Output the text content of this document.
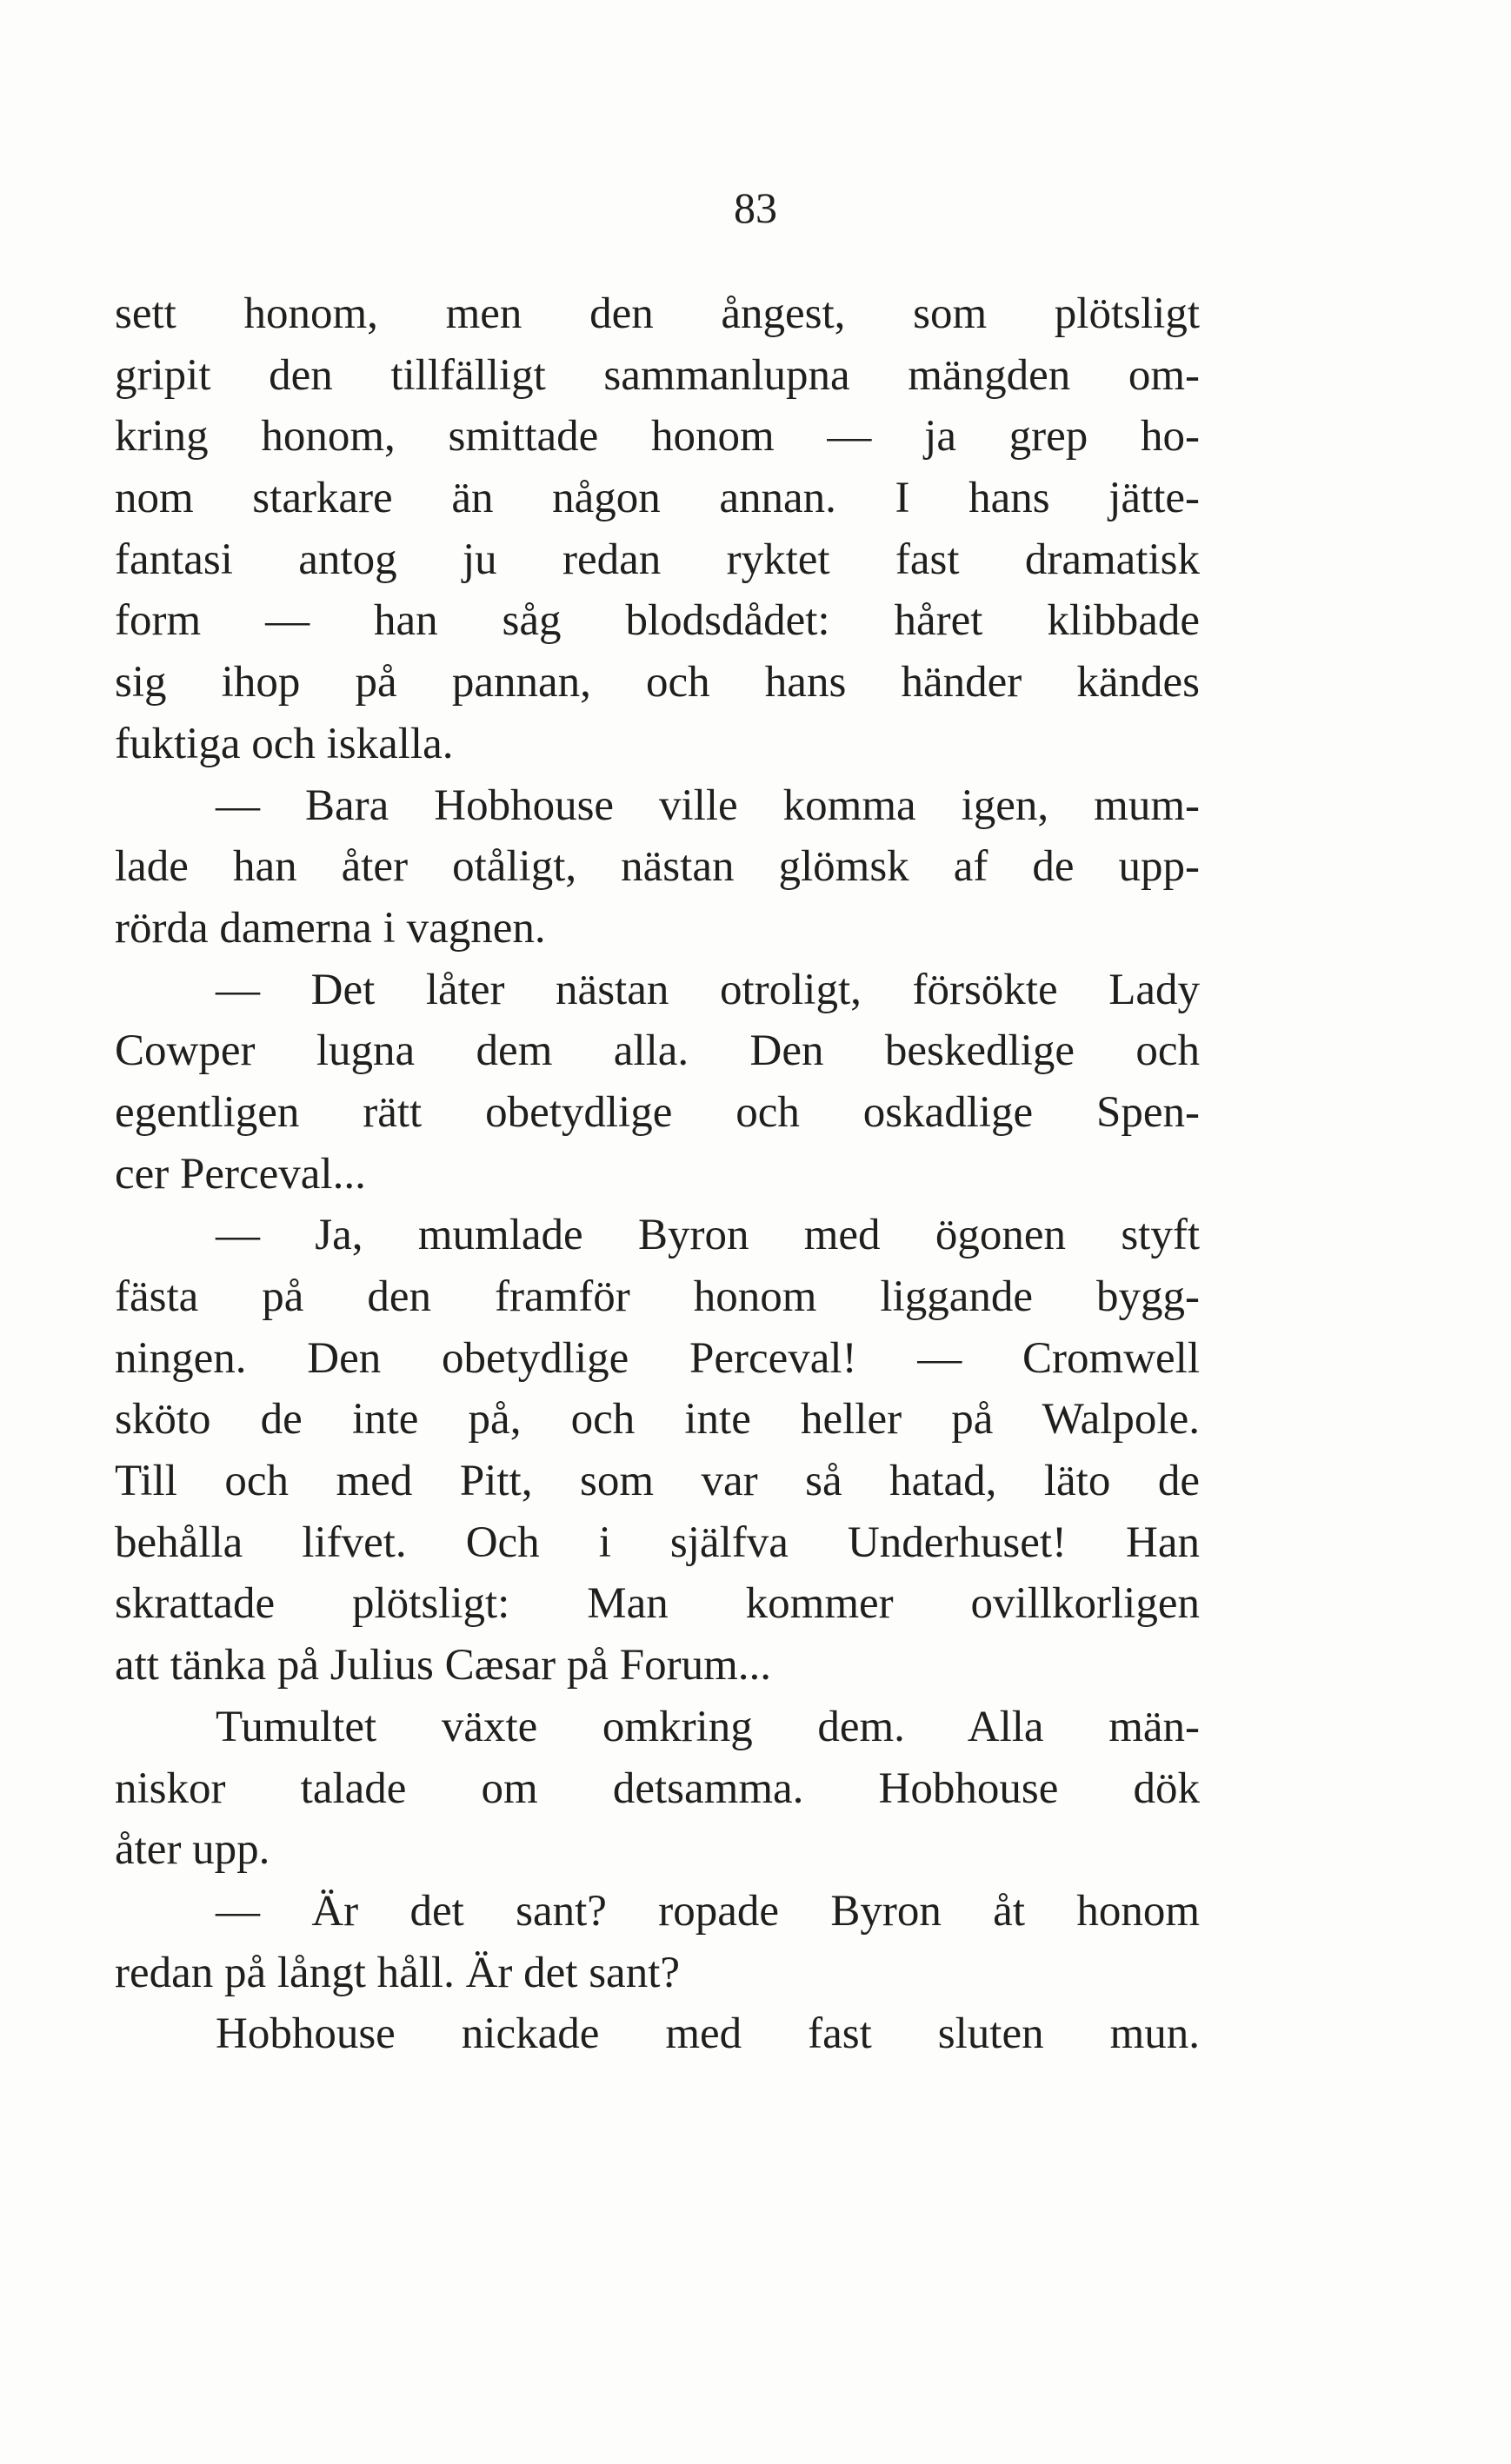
83
sett honom, men den ångest, som plötsligt
gripit den tillfälligt sammanlupna mängden om-
kring honom, smittade honom — ja grep ho-
nom starkare än någon annan. I hans jätte-
fantasi antog ju redan ryktet fast dramatisk
form — han såg blodsdådet: håret klibbade
sig ihop på pannan, och hans händer kändes
fuktiga och iskalla.
— Bara Hobhouse ville komma igen, mum-
lade han åter otåligt, nästan glömsk af de upp-
rörda damerna i vagnen.
— Det låter nästan otroligt, försökte Lady
Cowper lugna dem alla. Den beskedlige och
egentligen rätt obetydlige och oskadlige Spen-
cer Perceval...
— Ja, mumlade Byron med ögonen styft
fästa på den framför honom liggande bygg-
ningen. Den obetydlige Perceval! — Cromwell
sköto de inte på, och inte heller på Walpole.
Till och med Pitt, som var så hatad, läto de
behålla lifvet. Och i själfva Underhuset! Han
skrattade plötsligt: Man kommer ovillkorligen
att tänka på Julius Cæsar på Forum...
Tumultet växte omkring dem. Alla män-
niskor talade om detsamma. Hobhouse dök
åter upp.
— Är det sant? ropade Byron åt honom
redan på långt håll. Är det sant?
Hobhouse nickade med fast sluten mun.
